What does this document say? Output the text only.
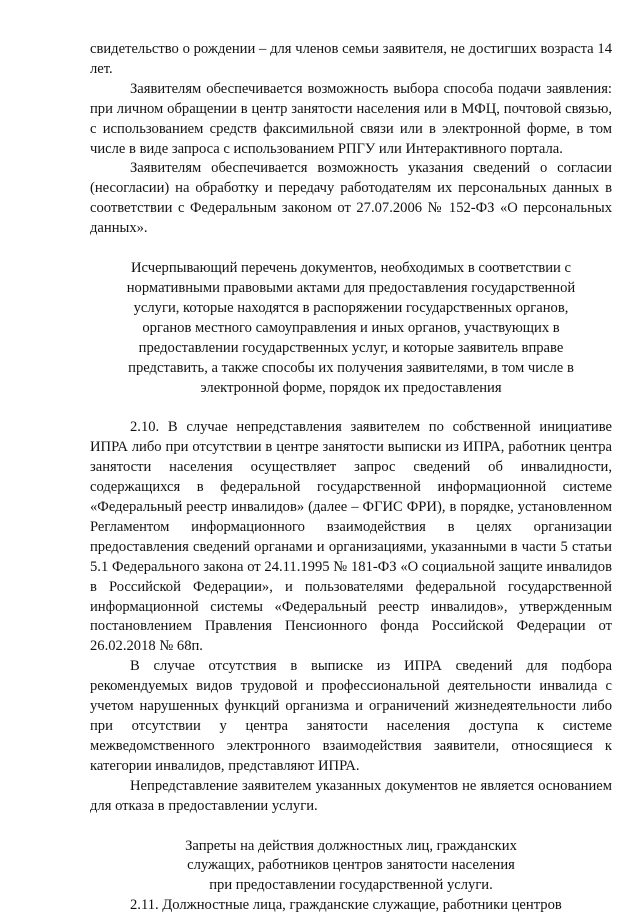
свидетельство о рождении – для членов семьи заявителя, не достигших возраста 14 лет.

Заявителям обеспечивается возможность выбора способа подачи заявления: при личном обращении в центр занятости населения или в МФЦ, почтовой связью, с использованием средств факсимильной связи или в электронной форме, в том числе в виде запроса с использованием РПГУ или Интерактивного портала.

Заявителям обеспечивается возможность указания сведений о согласии (несогласии) на обработку и передачу работодателям их персональных данных в соответствии с Федеральным законом от 27.07.2006 № 152-ФЗ «О персональных данных».

Исчерпывающий перечень документов, необходимых в соответствии с нормативными правовыми актами для предоставления государственной услуги, которые находятся в распоряжении государственных органов, органов местного самоуправления и иных органов, участвующих в предоставлении государственных услуг, и которые заявитель вправе представить, а также способы их получения заявителями, в том числе в электронной форме, порядок их предоставления

2.10. В случае непредставления заявителем по собственной инициативе ИПРА либо при отсутствии в центре занятости выписки из ИПРА, работник центра занятости населения осуществляет запрос сведений об инвалидности, содержащихся в федеральной государственной информационной системе «Федеральный реестр инвалидов» (далее – ФГИС ФРИ), в порядке, установленном Регламентом информационного взаимодействия в целях организации предоставления сведений органами и организациями, указанными в части 5 статьи 5.1 Федерального закона от 24.11.1995 № 181-ФЗ «О социальной защите инвалидов в Российской Федерации», и пользователями федеральной государственной информационной системы «Федеральный реестр инвалидов», утвержденным постановлением Правления Пенсионного фонда Российской Федерации от 26.02.2018 № 68п.

В случае отсутствия в выписке из ИПРА сведений для подбора рекомендуемых видов трудовой и профессиональной деятельности инвалида с учетом нарушенных функций организма и ограничений жизнедеятельности либо при отсутствии у центра занятости населения доступа к системе межведомственного электронного взаимодействия заявители, относящиеся к категории инвалидов, представляют ИПРА.

Непредставление заявителем указанных документов не является основанием для отказа в предоставлении услуги.

Запреты на действия должностных лиц, гражданских
служащих, работников центров занятости населения
при предоставлении государственной услуги.

2.11. Должностные лица, гражданские служащие, работники центров
